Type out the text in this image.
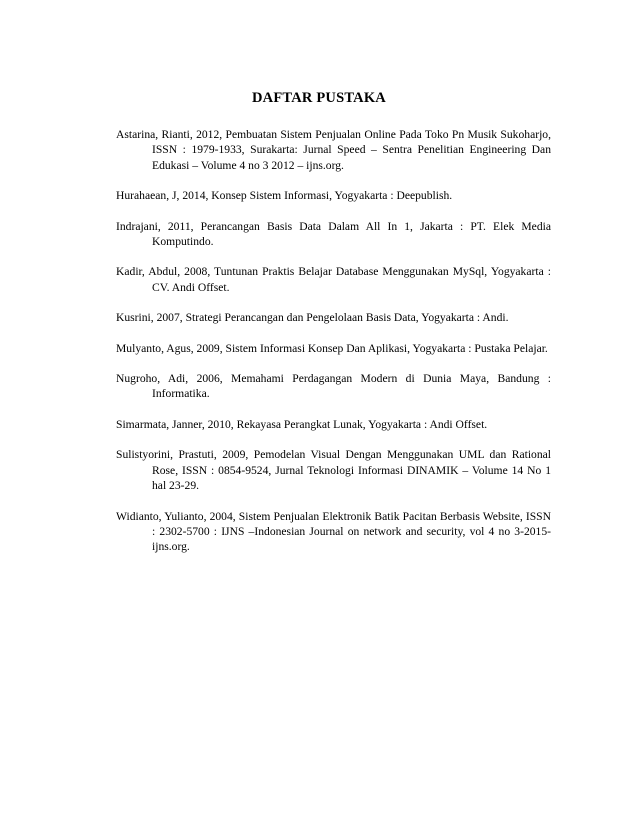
DAFTAR PUSTAKA
Astarina, Rianti, 2012, Pembuatan Sistem Penjualan Online Pada Toko Pn Musik Sukoharjo, ISSN : 1979-1933, Surakarta: Jurnal Speed – Sentra Penelitian Engineering Dan Edukasi – Volume 4 no 3 2012 – ijns.org.
Hurahaean, J, 2014, Konsep Sistem Informasi, Yogyakarta : Deepublish.
Indrajani, 2011, Perancangan Basis Data Dalam All In 1, Jakarta : PT. Elek Media Komputindo.
Kadir, Abdul, 2008, Tuntunan Praktis Belajar Database Menggunakan MySql, Yogyakarta : CV. Andi Offset.
Kusrini, 2007, Strategi Perancangan dan Pengelolaan Basis Data, Yogyakarta : Andi.
Mulyanto, Agus, 2009, Sistem Informasi Konsep Dan Aplikasi, Yogyakarta : Pustaka Pelajar.
Nugroho, Adi, 2006, Memahami Perdagangan Modern di Dunia Maya, Bandung : Informatika.
Simarmata, Janner, 2010, Rekayasa Perangkat Lunak, Yogyakarta : Andi Offset.
Sulistyorini, Prastuti, 2009, Pemodelan Visual Dengan Menggunakan UML dan Rational Rose, ISSN : 0854-9524, Jurnal Teknologi Informasi DINAMIK – Volume 14 No 1 hal 23-29.
Widianto, Yulianto, 2004, Sistem Penjualan Elektronik Batik Pacitan Berbasis Website, ISSN : 2302-5700 : IJNS –Indonesian Journal on network and security, vol 4 no 3-2015-ijns.org.
